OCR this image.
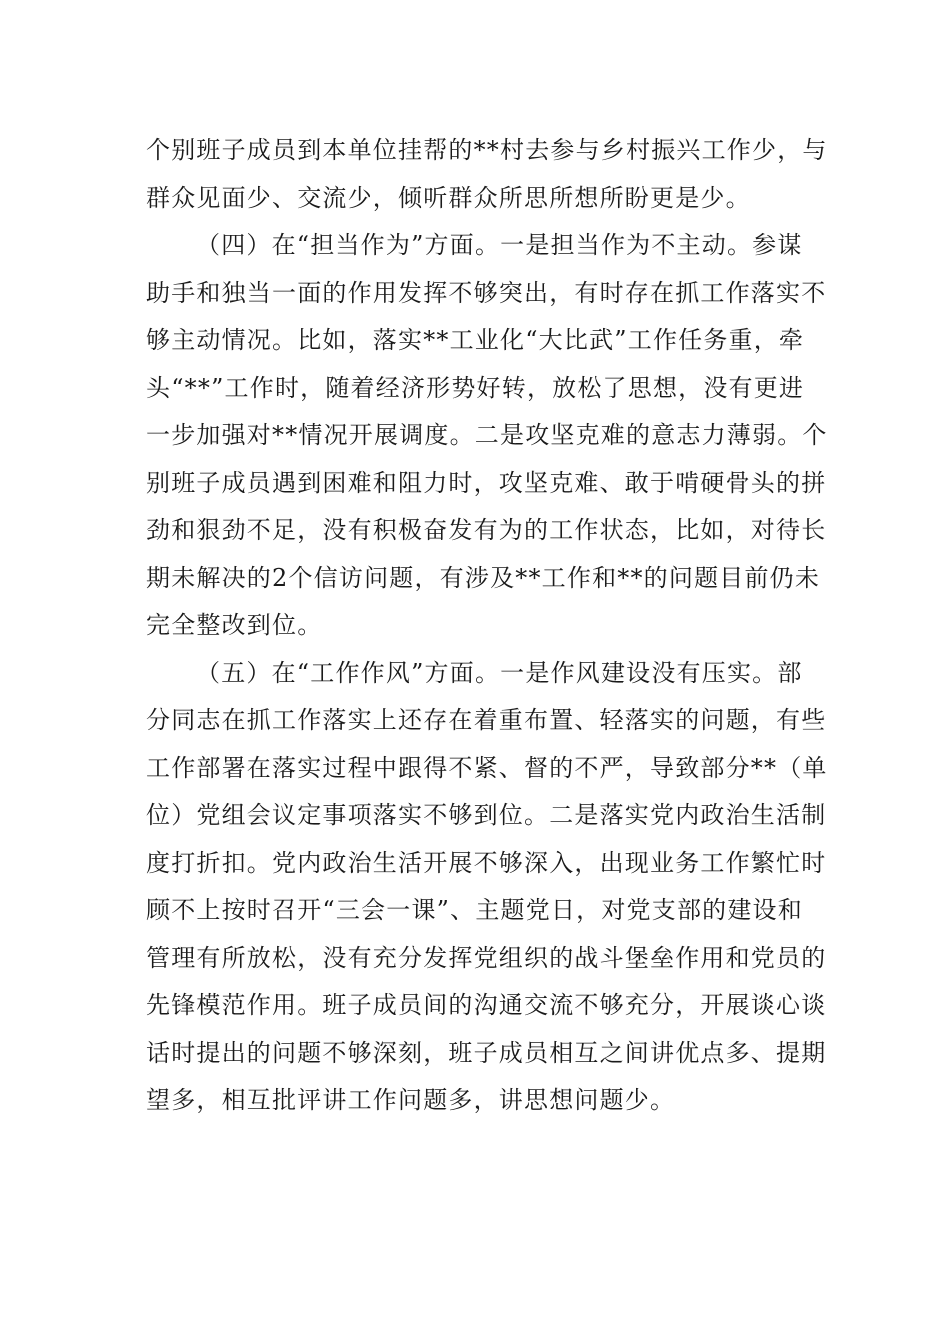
个别班子成员到本单位挂帮的**村去参与乡村振兴工作少，与
群众见面少、交流少，倾听群众所思所想所盼更是少。
（四）在“担当作为”方面。一是担当作为不主动。参谋
助手和独当一面的作用发挥不够突出，有时存在抓工作落实不
够主动情况。比如，落实**工业化“大比武”工作任务重，牵
头“**”工作时，随着经济形势好转，放松了思想，没有更进
一步加强对**情况开展调度。二是攻坚克难的意志力薄弱。个
别班子成员遇到困难和阻力时，攻坚克难、敢于啃硬骨头的拼
劲和狠劲不足，没有积极奋发有为的工作状态，比如，对待长
期未解决的2个信访问题，有涉及**工作和**的问题目前仍未
完全整改到位。
（五）在“工作作风”方面。一是作风建设没有压实。部
分同志在抓工作落实上还存在着重布置、轻落实的问题，有些
工作部署在落实过程中跟得不紧、督的不严，导致部分**（单
位）党组会议定事项落实不够到位。二是落实党内政治生活制
度打折扣。党内政治生活开展不够深入，出现业务工作繁忙时
顾不上按时召开“三会一课”、主题党日，对党支部的建设和
管理有所放松，没有充分发挥党组织的战斗堡垒作用和党员的
先锋模范作用。班子成员间的沟通交流不够充分，开展谈心谈
话时提出的问题不够深刻，班子成员相互之间讲优点多、提期
望多，相互批评讲工作问题多，讲思想问题少。
